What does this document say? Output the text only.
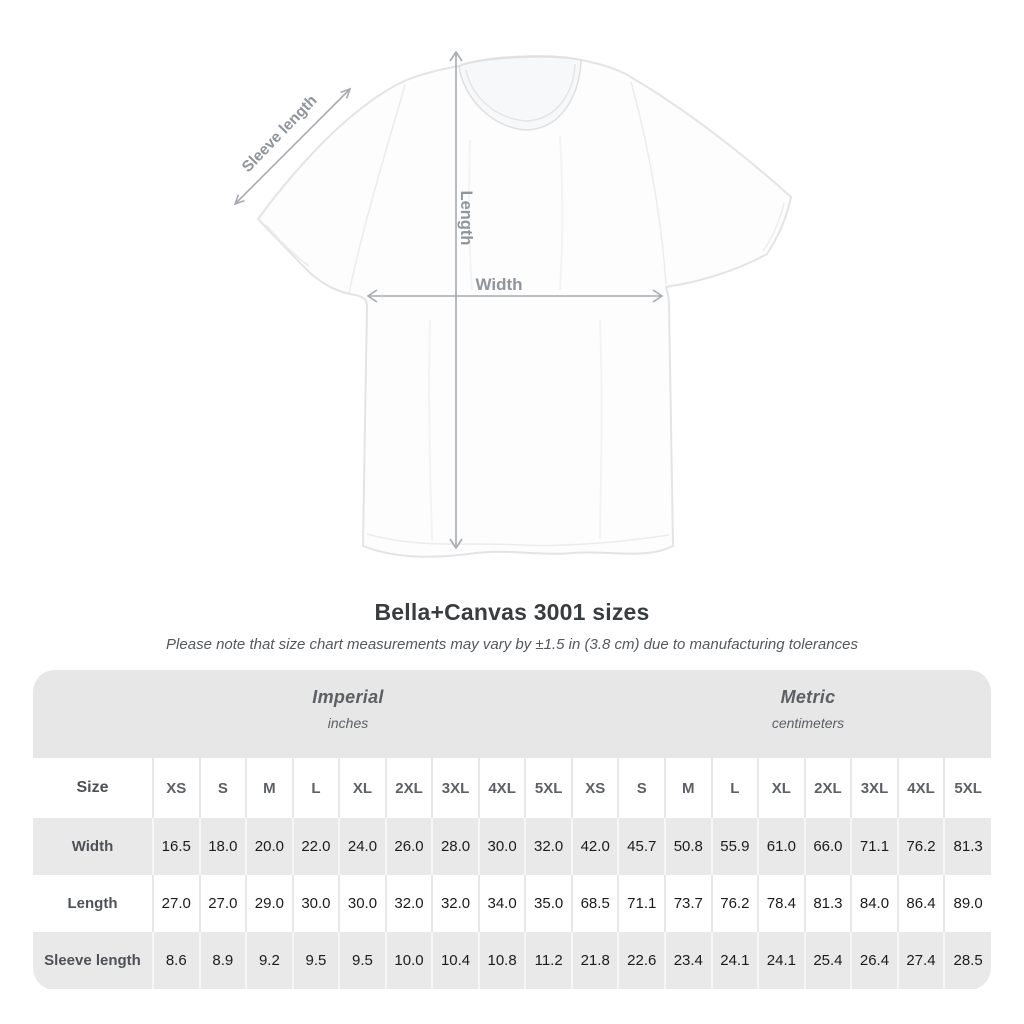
Length
Width
Sleeve length
Bella+Canvas 3001 sizes
Please note that size chart measurements may vary by ±1.5 in (3.8 cm) due to manufacturing tolerances
Imperial
inches
Metric
centimeters
Size	XS	S	M	L	XL	2XL	3XL	4XL	5XL	XS	S	M	L	XL	2XL	3XL	4XL	5XL
Width	16.5	18.0	20.0	22.0	24.0	26.0	28.0	30.0	32.0	42.0	45.7	50.8	55.9	61.0	66.0	71.1	76.2	81.3
Length	27.0	27.0	29.0	30.0	30.0	32.0	32.0	34.0	35.0	68.5	71.1	73.7	76.2	78.4	81.3	84.0	86.4	89.0
Sleeve length	8.6	8.9	9.2	9.5	9.5	10.0	10.4	10.8	11.2	21.8	22.6	23.4	24.1	24.1	25.4	26.4	27.4	28.5
